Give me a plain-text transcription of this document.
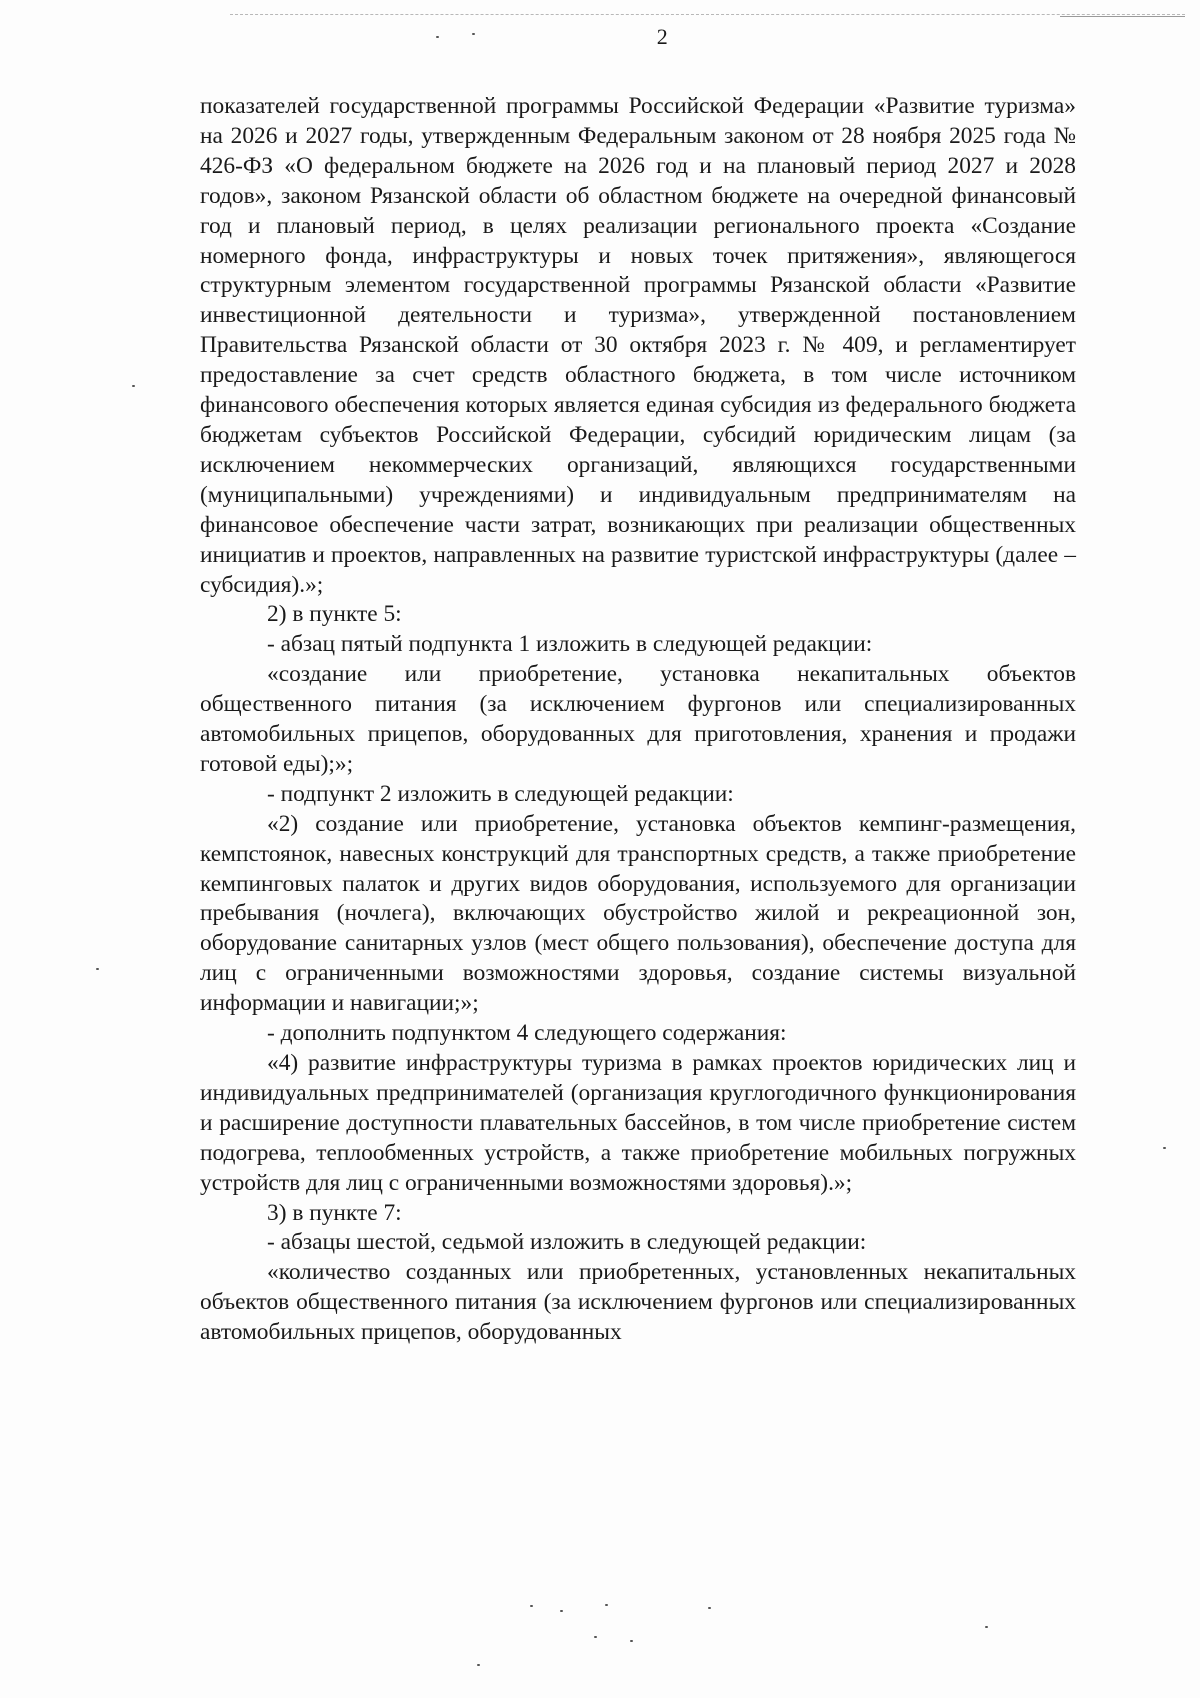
2

показателей государственной программы Российской Федерации «Развитие туризма» на 2026 и 2027 годы, утвержденным Федеральным законом от 28 ноября 2025 года № 426-ФЗ «О федеральном бюджете на 2026 год и на плановый период 2027 и 2028 годов», законом Рязанской области об областном бюджете на очередной финансовый год и плановый период, в целях реализации регионального проекта «Создание номерного фонда, инфраструктуры и новых точек притяжения», являющегося структурным элементом государственной программы Рязанской области «Развитие инвестиционной деятельности и туризма», утвержденной постановлением Правительства Рязанской области от 30 октября 2023 г. № 409, и регламентирует предоставление за счет средств областного бюджета, в том числе источником финансового обеспечения которых является единая субсидия из федерального бюджета бюджетам субъектов Российской Федерации, субсидий юридическим лицам (за исключением некоммерческих организаций, являющихся государственными (муниципальными) учреждениями) и индивидуальным предпринимателям на финансовое обеспечение части затрат, возникающих при реализации общественных инициатив и проектов, направленных на развитие туристской инфраструктуры (далее – субсидия).»;

2) в пункте 5:

- абзац пятый подпункта 1 изложить в следующей редакции:

«создание или приобретение, установка некапитальных объектов общественного питания (за исключением фургонов или специализированных автомобильных прицепов, оборудованных для приготовления, хранения и продажи готовой еды);»;

- подпункт 2 изложить в следующей редакции:

«2) создание или приобретение, установка объектов кемпинг-размещения, кемпстоянок, навесных конструкций для транспортных средств, а также приобретение кемпинговых палаток и других видов оборудования, используемого для организации пребывания (ночлега), включающих обустройство жилой и рекреационной зон, оборудование санитарных узлов (мест общего пользования), обеспечение доступа для лиц с ограниченными возможностями здоровья, создание системы визуальной информации и навигации;»;

- дополнить подпунктом 4 следующего содержания:

«4) развитие инфраструктуры туризма в рамках проектов юридических лиц и индивидуальных предпринимателей (организация круглогодичного функционирования и расширение доступности плавательных бассейнов, в том числе приобретение систем подогрева, теплообменных устройств, а также приобретение мобильных погружных устройств для лиц с ограниченными возможностями здоровья).»;

3) в пункте 7:

- абзацы шестой, седьмой изложить в следующей редакции:

«количество созданных или приобретенных, установленных некапитальных объектов общественного питания (за исключением фургонов или специализированных автомобильных прицепов, оборудованных
